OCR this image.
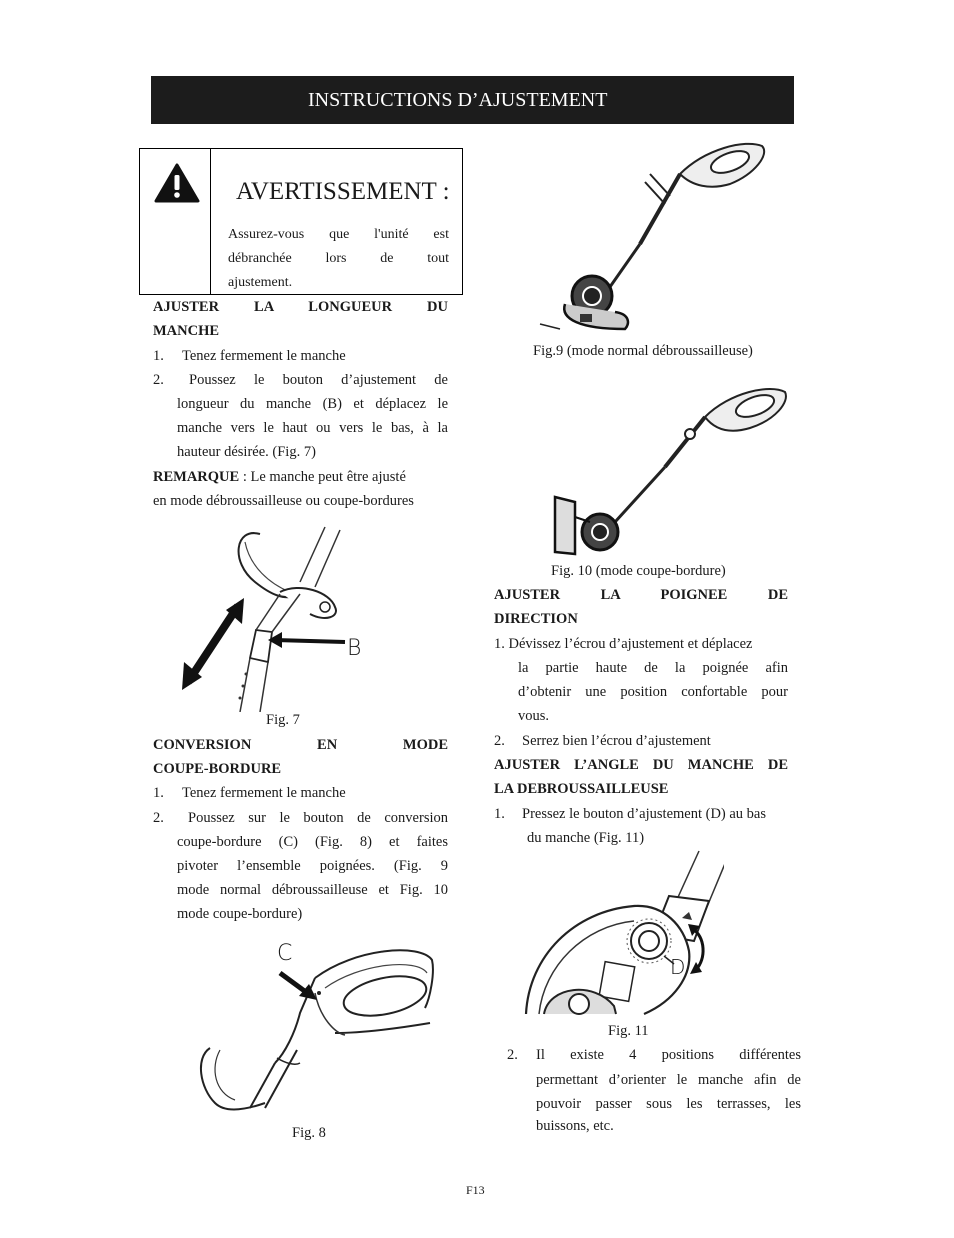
INSTRUCTIONS D’AJUSTEMENT
AVERTISSEMENT :
Assurez-vous que l'unité est
débranchée lors de tout
ajustement.
AJUSTER LA LONGUEUR DU
MANCHE
1. Tenez fermement le manche
2. Poussez le bouton d’ajustement de
longueur du manche (B) et déplacez le
manche vers le haut ou vers le bas, à la
hauteur désirée. (Fig. 7)
REMARQUE : Le manche peut être ajusté
en mode débroussailleuse ou coupe-bordures
B
Fig. 7
CONVERSION EN MODE
COUPE-BORDURE
1. Tenez fermement le manche
2. Poussez sur le bouton de conversion
coupe-bordure (C) (Fig. 8) et faites
pivoter l’ensemble poignées. (Fig. 9
mode normal débroussailleuse et Fig. 10
mode coupe-bordure)
C
Fig. 8
Fig.9 (mode normal débroussailleuse)
Fig. 10 (mode coupe-bordure)
AJUSTER LA POIGNEE DE
DIRECTION
1. Dévissez l’écrou d’ajustement et déplacez
la partie haute de la poignée afin
d’obtenir une position confortable pour
vous.
2. Serrez bien l’écrou d’ajustement
AJUSTER L’ANGLE DU MANCHE DE
LA DEBROUSSAILLEUSE
1. Pressez le bouton d’ajustement (D) au bas
du manche (Fig. 11)
D
Fig. 11
2. Il existe 4 positions différentes
permettant d’orienter le manche afin de
pouvoir passer sous les terrasses, les
buissons, etc.
F13
